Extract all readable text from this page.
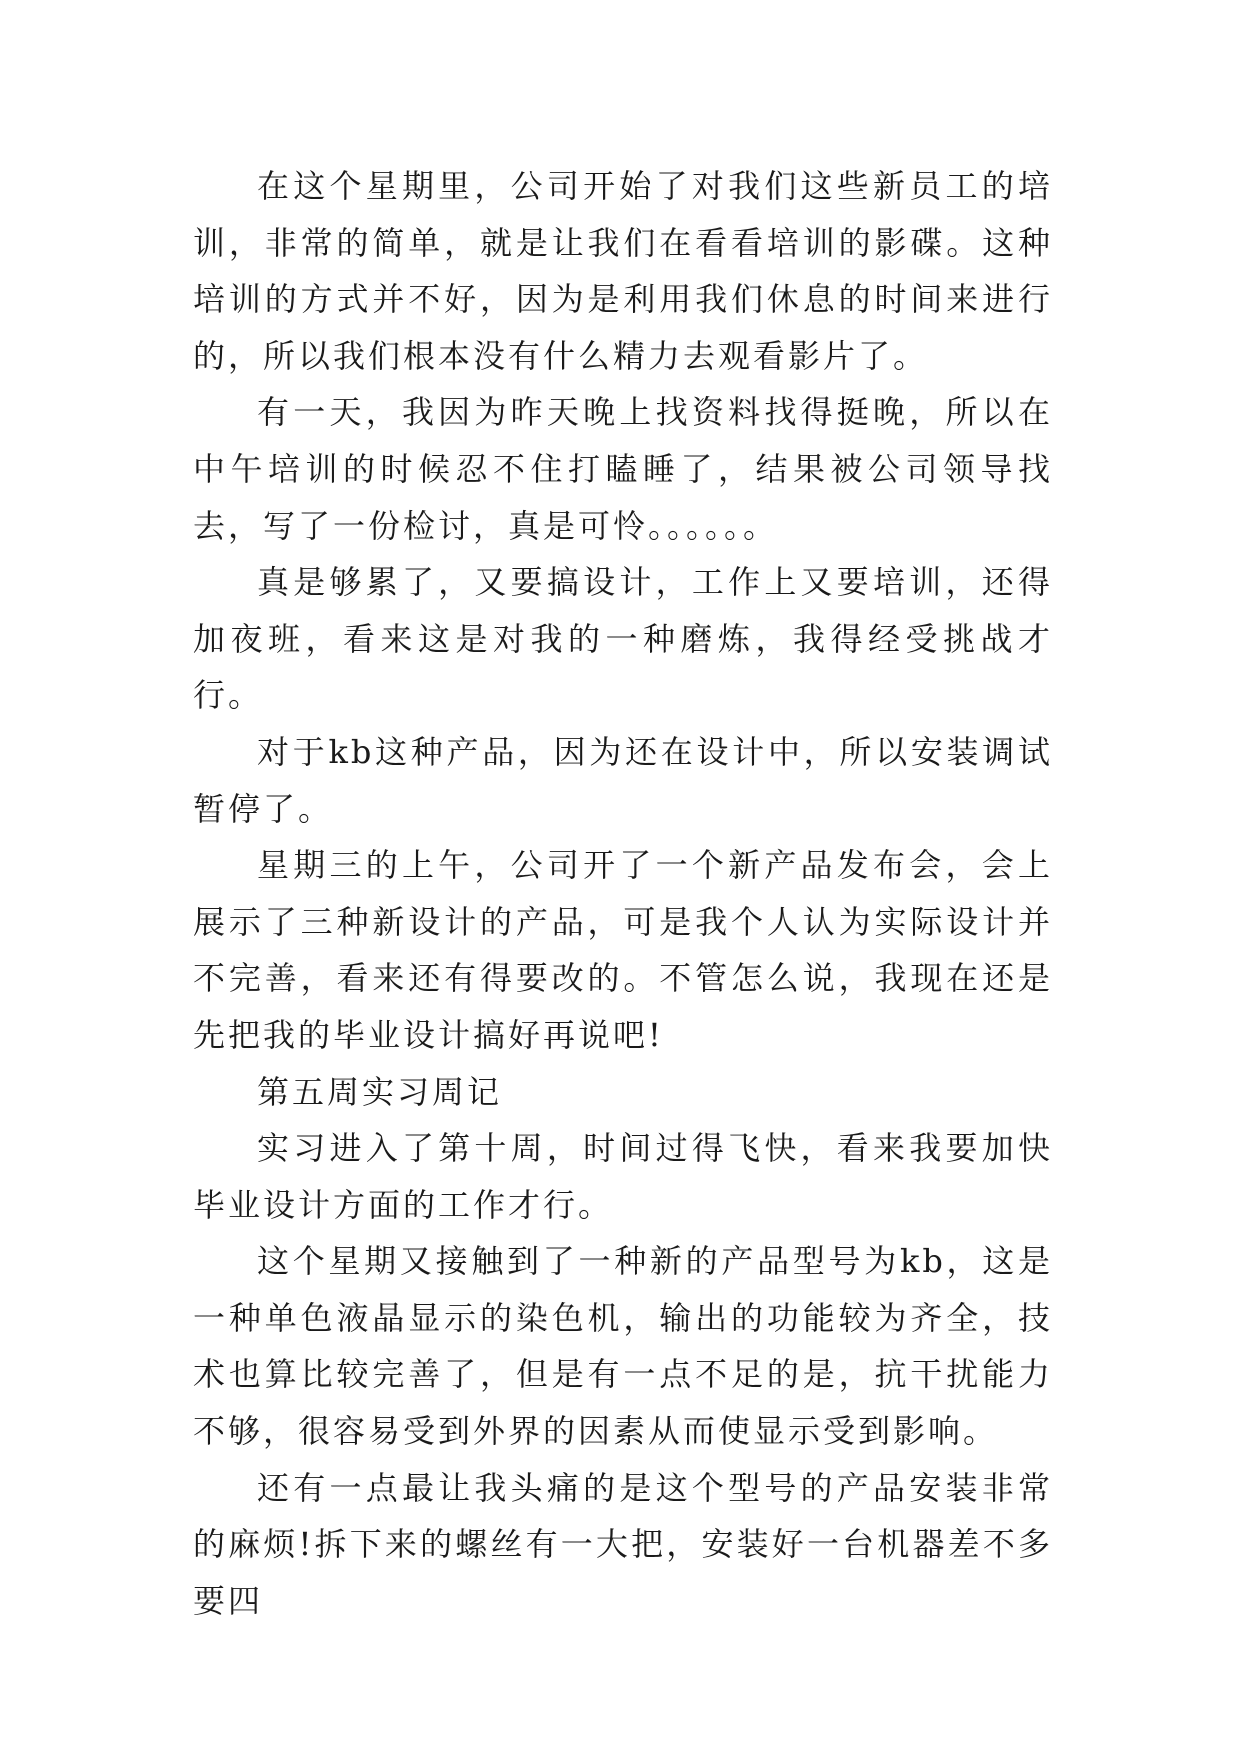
在这个星期里，公司开始了对我们这些新员工的培训，非常的简单，就是让我们在看看培训的影碟。这种培训的方式并不好，因为是利用我们休息的时间来进行的，所以我们根本没有什么精力去观看影片了。

有一天，我因为昨天晚上找资料找得挺晚，所以在中午培训的时候忍不住打瞌睡了，结果被公司领导找去，写了一份检讨，真是可怜。。。。。。

真是够累了，又要搞设计，工作上又要培训，还得加夜班，看来这是对我的一种磨炼，我得经受挑战才行。

对于kb这种产品，因为还在设计中，所以安装调试暂停了。

星期三的上午，公司开了一个新产品发布会，会上展示了三种新设计的产品，可是我个人认为实际设计并不完善，看来还有得要改的。不管怎么说，我现在还是先把我的毕业设计搞好再说吧!

第五周实习周记

实习进入了第十周，时间过得飞快，看来我要加快毕业设计方面的工作才行。

这个星期又接触到了一种新的产品型号为kb，这是一种单色液晶显示的染色机，输出的功能较为齐全，技术也算比较完善了，但是有一点不足的是，抗干扰能力不够，很容易受到外界的因素从而使显示受到影响。

还有一点最让我头痛的是这个型号的产品安装非常的麻烦!拆下来的螺丝有一大把，安装好一台机器差不多要四
